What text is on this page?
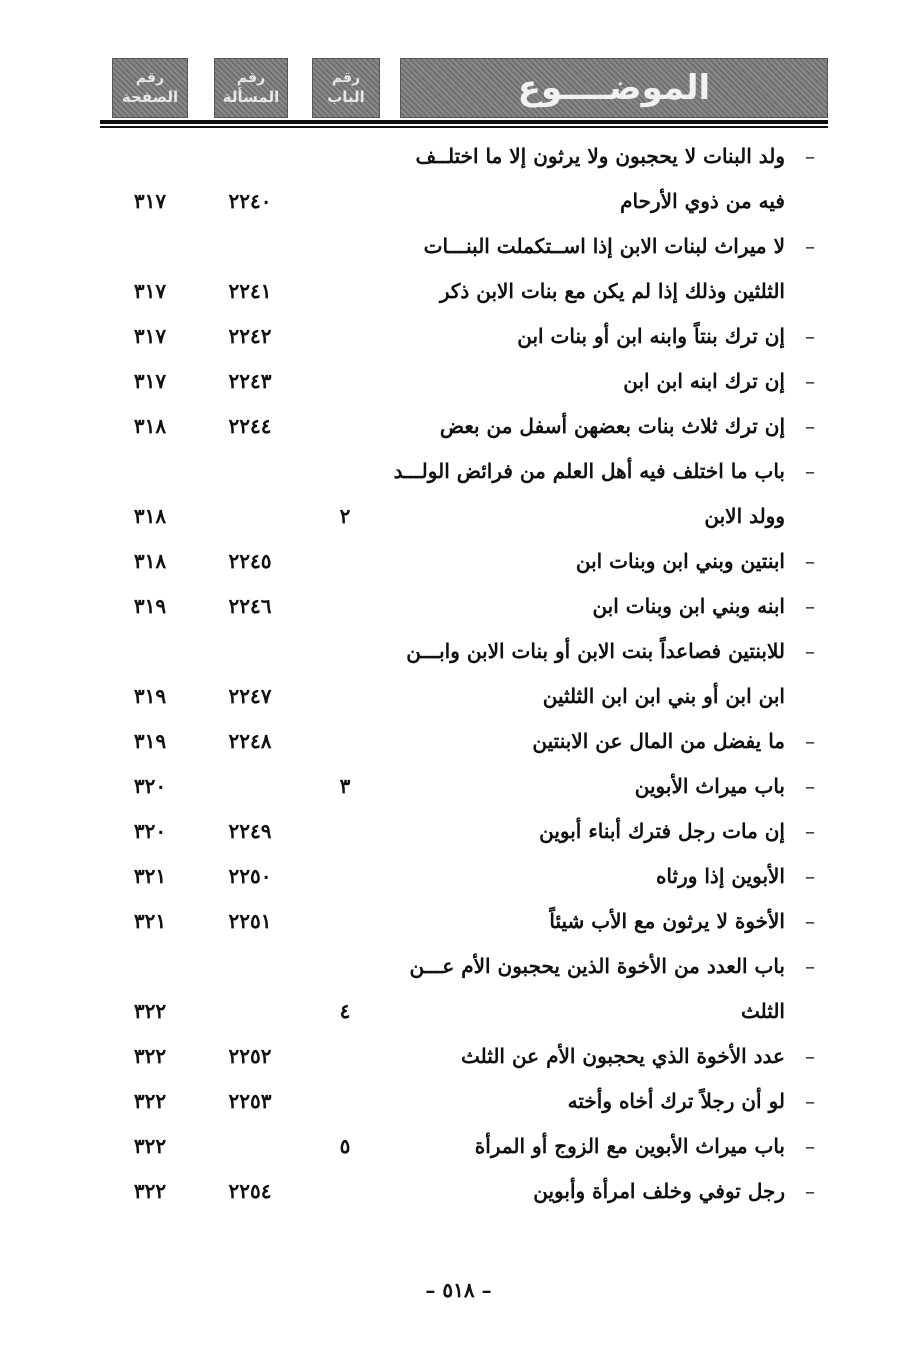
رقم
الصفحة
رقم
المسألة
رقم
الباب	الموضــــوع
–
ولد البنات لا يحجبون ولا يرثون إلا ما اختلــف
فيه من ذوي الأرحام
٢٢٤٠
٣١٧
–
لا ميراث لبنات الابن إذا اســتكملت البنـــات
الثلثين وذلك إذا لم يكن مع بنات الابن ذكر
٢٢٤١
٣١٧
–
إن ترك بنتاً وابنه ابن أو بنات ابن
٢٢٤٢
٣١٧
–
إن ترك ابنه ابن ابن
٢٢٤٣
٣١٧
–
إن ترك ثلاث بنات بعضهن أسفل من بعض
٢٢٤٤
٣١٨
–
باب ما اختلف فيه أهل العلم من فرائض الولـــد
وولد الابن
٢
٣١٨
–
ابنتين وبني ابن وبنات ابن
٢٢٤٥
٣١٨
–
ابنه وبني ابن وبنات ابن
٢٢٤٦
٣١٩
–
للابنتين فصاعداً بنت الابن أو بنات الابن وابـــن
ابن ابن أو بني ابن ابن الثلثين
٢٢٤٧
٣١٩
–
ما يفضل من المال عن الابنتين
٢٢٤٨
٣١٩
–
باب ميراث الأبوين
٣
٣٢٠
–
إن مات رجل فترك أبناء أبوين
٢٢٤٩
٣٢٠
–
الأبوين إذا ورثاه
٢٢٥٠
٣٢١
–
الأخوة لا يرثون مع الأب شيئاً
٢٢٥١
٣٢١
–
باب العدد من الأخوة الذين يحجبون الأم عـــن
الثلث
٤
٣٢٢
–
عدد الأخوة الذي يحجبون الأم عن الثلث
٢٢٥٢
٣٢٢
–
لو أن رجلاً ترك أخاه وأخته
٢٢٥٣
٣٢٢
–
باب ميراث الأبوين مع الزوج أو المرأة
٥
٣٢٢
–
رجل توفي وخلف امرأة وأبوين
٢٢٥٤
٣٢٢
– ٥١٨ –
